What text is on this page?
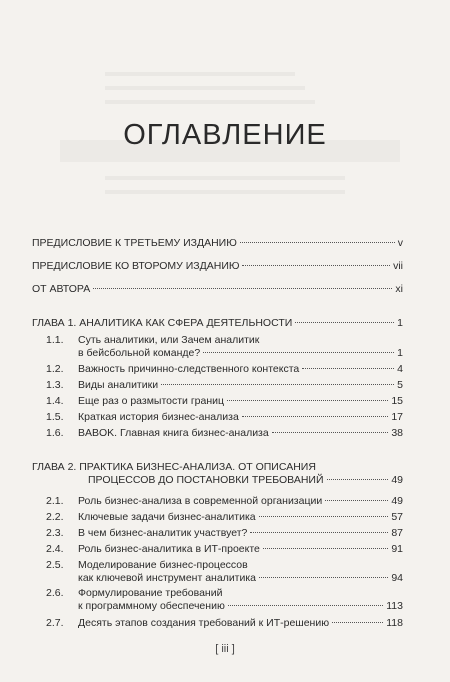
ОГЛАВЛЕНИЕ
ПРЕДИСЛОВИЕ К ТРЕТЬЕМУ ИЗДАНИЮ	v
ПРЕДИСЛОВИЕ КО ВТОРОМУ ИЗДАНИЮ	vii
ОТ АВТОРА	xi
ГЛАВА 1. АНАЛИТИКА КАК СФЕРА ДЕЯТЕЛЬНОСТИ	1
1.1. Суть аналитики, или Зачем аналитик
в бейсбольной команде?	1
1.2. Важность причинно-следственного контекста	4
1.3. Виды аналитики	5
1.4. Еще раз о размытости границ	15
1.5. Краткая история бизнес-анализа	17
1.6. BABOK. Главная книга бизнес-анализа	38
ГЛАВА 2. ПРАКТИКА БИЗНЕС-АНАЛИЗА. ОТ ОПИСАНИЯ
ПРОЦЕССОВ ДО ПОСТАНОВКИ ТРЕБОВАНИЙ	49
2.1. Роль бизнес-анализа в современной организации	49
2.2. Ключевые задачи бизнес-аналитика	57
2.3. В чем бизнес-аналитик участвует?	87
2.4. Роль бизнес-аналитика в ИТ-проекте	91
2.5. Моделирование бизнес-процессов
как ключевой инструмент аналитика	94
2.6. Формулирование требований
к программному обеспечению	113
2.7. Десять этапов создания требований к ИТ-решению	118
[ iii ]
